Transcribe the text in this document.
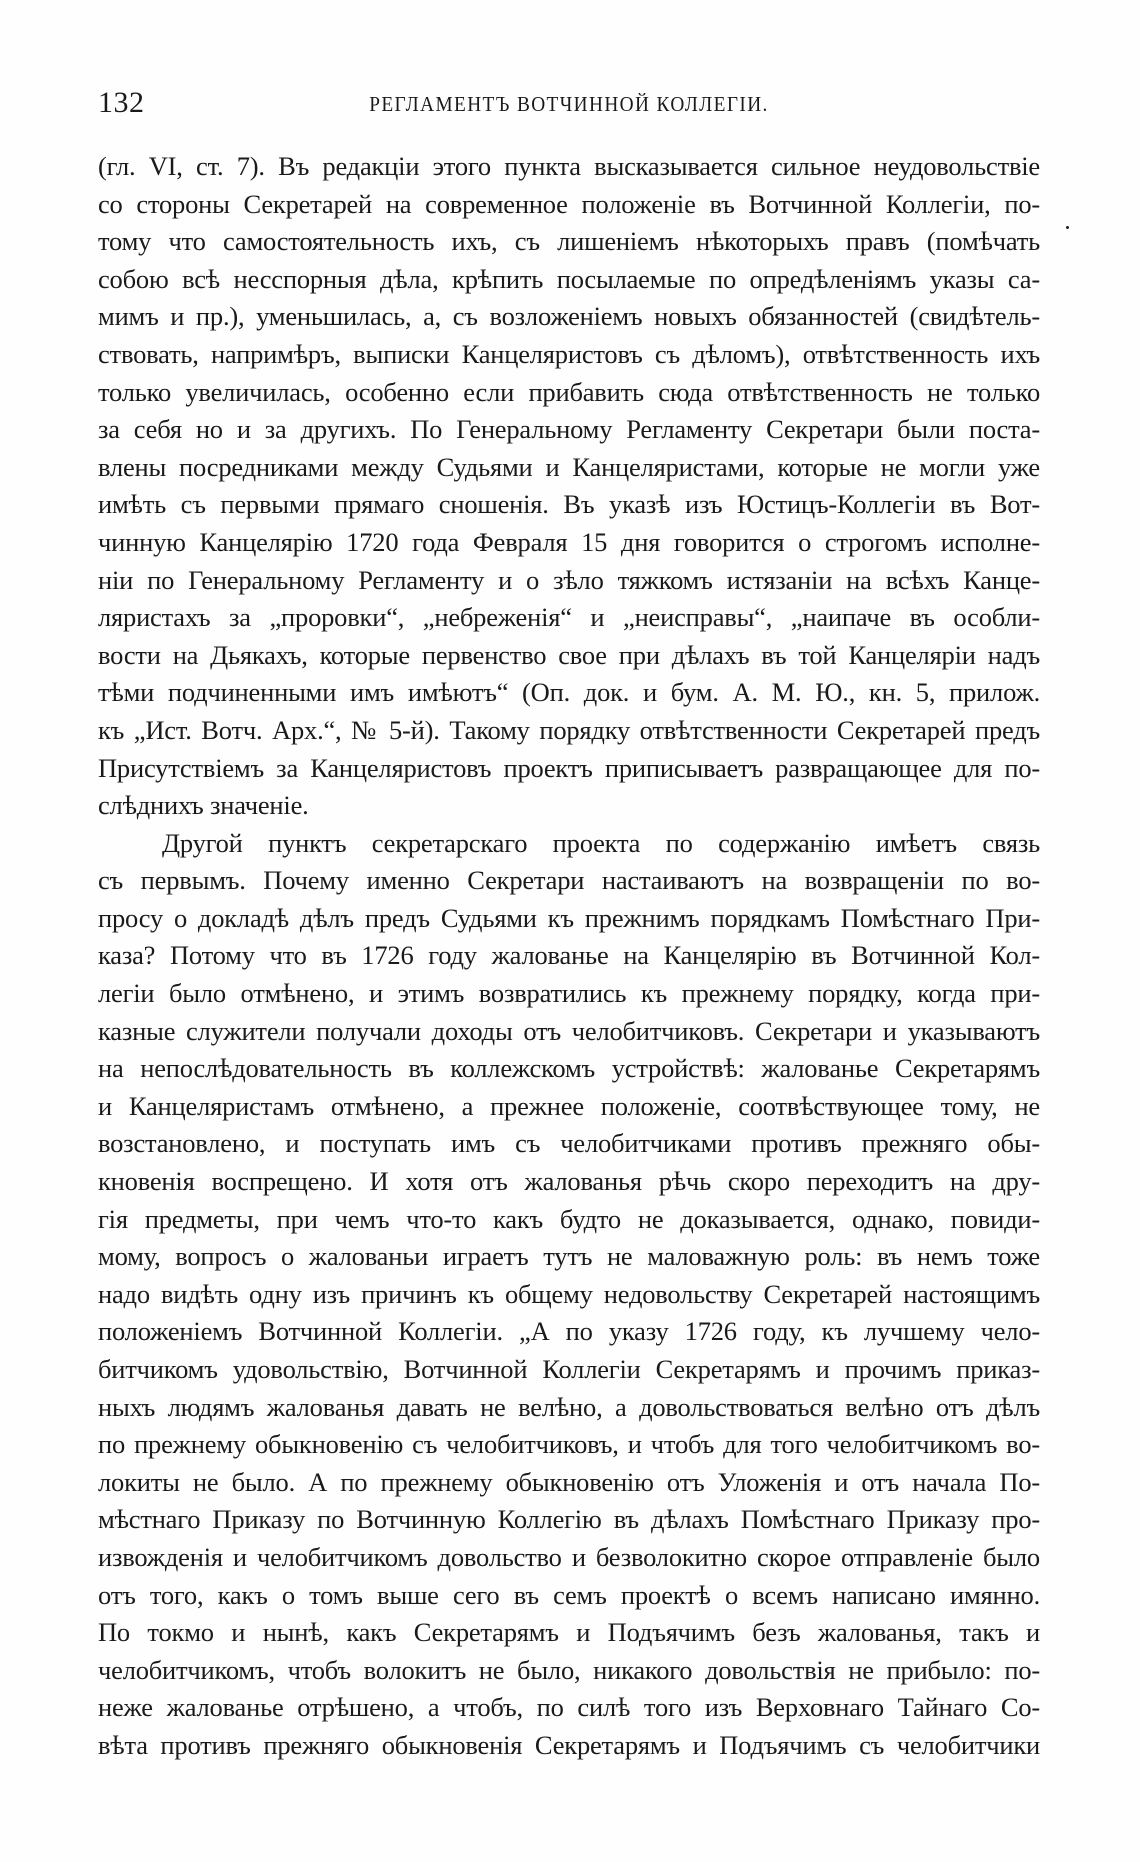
132	РЕГЛАМЕНТЪ ВОТЧИННОЙ КОЛЛЕГІИ.
(гл. VI, ст. 7). Въ редакціи этого пункта высказывается сильное неудовольствіе
со стороны Секретарей на современное положеніе въ Вотчинной Коллегіи, по-
тому что самостоятельность ихъ, съ лишеніемъ нѣкоторыхъ правъ (помѣчать
собою всѣ несспорныя дѣла, крѣпить посылаемые по опредѣленіямъ указы са-
мимъ и пр.), уменьшилась, а, съ возложеніемъ новыхъ обязанностей (свидѣтель-
ствовать, напримѣръ, выписки Канцеляристовъ съ дѣломъ), отвѣтственность ихъ
только увеличилась, особенно если прибавить сюда отвѣтственность не только
за себя но и за другихъ. По Генеральному Регламенту Секретари были поста-
влены посредниками между Судьями и Канцеляристами, которые не могли уже
имѣть съ первыми прямаго сношенія. Въ указѣ изъ Юстицъ-Коллегіи въ Вот-
чинную Канцелярію 1720 года Февраля 15 дня говорится о строгомъ исполне-
ніи по Генеральному Регламенту и о зѣло тяжкомъ истязаніи на всѣхъ Канце-
ляристахъ за „проровки“, „небреженія“ и „неисправы“, „наипаче въ особли-
вости на Дьякахъ, которые первенство свое при дѣлахъ въ той Канцеляріи надъ
тѣми подчиненными имъ имѣютъ“ (Оп. док. и бум. А. М. Ю., кн. 5, прилож.
къ „Ист. Вотч. Арх.“, № 5-й). Такому порядку отвѣтственности Секретарей предъ
Присутствіемъ за Канцеляристовъ проектъ приписываетъ развращающее для по-
слѣднихъ значеніе.
Другой пунктъ секретарскаго проекта по содержанію имѣетъ связь
съ первымъ. Почему именно Секретари настаиваютъ на возвращеніи по во-
просу о докладѣ дѣлъ предъ Судьями къ прежнимъ порядкамъ Помѣстнаго При-
каза? Потому что въ 1726 году жалованье на Канцелярію въ Вотчинной Кол-
легіи было отмѣнено, и этимъ возвратились къ прежнему порядку, когда при-
казные служители получали доходы отъ челобитчиковъ. Секретари и указываютъ
на непослѣдовательность въ коллежскомъ устройствѣ: жалованье Секретарямъ
и Канцеляристамъ отмѣнено, а прежнее положеніе, соотвѣствующее тому, не
возстановлено, и поступать имъ съ челобитчиками противъ прежняго обы-
кновенія воспрещено. И хотя отъ жалованья рѣчь скоро переходитъ на дру-
гія предметы, при чемъ что-то какъ будто не доказывается, однако, повиди-
мому, вопросъ о жалованьи играетъ тутъ не маловажную роль: въ немъ тоже
надо видѣть одну изъ причинъ къ общему недовольству Секретарей настоящимъ
положеніемъ Вотчинной Коллегіи. „А по указу 1726 году, къ лучшему чело-
битчикомъ удовольствію, Вотчинной Коллегіи Секретарямъ и прочимъ приказ-
ныхъ людямъ жалованья давать не велѣно, а довольствоваться велѣно отъ дѣлъ
по прежнему обыкновенію съ челобитчиковъ, и чтобъ для того челобитчикомъ во-
локиты не было. А по прежнему обыкновенію отъ Уложенія и отъ начала По-
мѣстнаго Приказу по Вотчинную Коллегію въ дѣлахъ Помѣстнаго Приказу про-
извожденія и челобитчикомъ довольство и безволокитно скорое отправленіе было
отъ того, какъ о томъ выше сего въ семъ проектѣ о всемъ написано имянно.
По токмо и нынѣ, какъ Секретарямъ и Подъячимъ безъ жалованья, такъ и
челобитчикомъ, чтобъ волокитъ не было, никакого довольствія не прибыло: по-
неже жалованье отрѣшено, а чтобъ, по силѣ того изъ Верховнаго Тайнаго Со-
вѣта противъ прежняго обыкновенія Секретарямъ и Подъячимъ съ челобитчики
